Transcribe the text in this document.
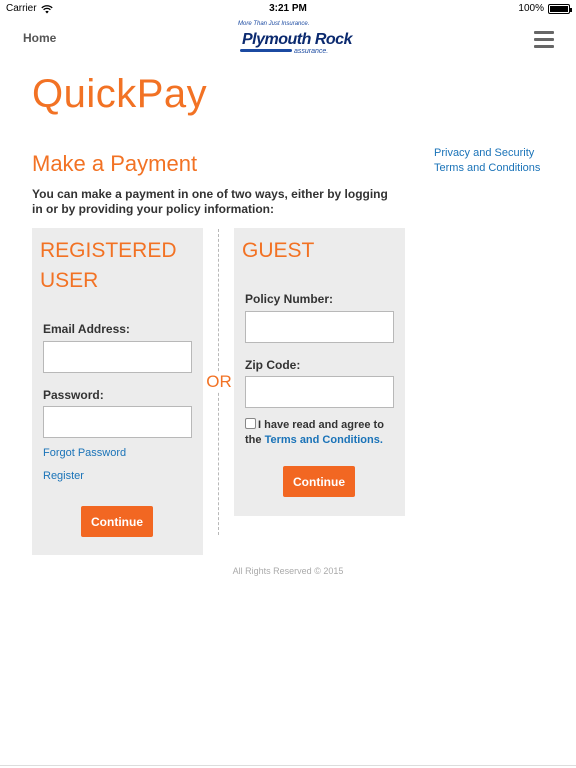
Carrier	3:21 PM	100%
Home
More Than Just Insurance.
Plymouth Rock
assurance.
QuickPay
Make a Payment	Privacy and Security
Terms and Conditions

You can make a payment in one of two ways, either by logging in or by providing your policy information:

REGISTERED USER
Email Address:
Password:
Forgot Password
Register
Continue
OR
GUEST
Policy Number:
Zip Code:
Continue
I have read and agree to the Terms and Conditions.
All Rights Reserved © 2015
